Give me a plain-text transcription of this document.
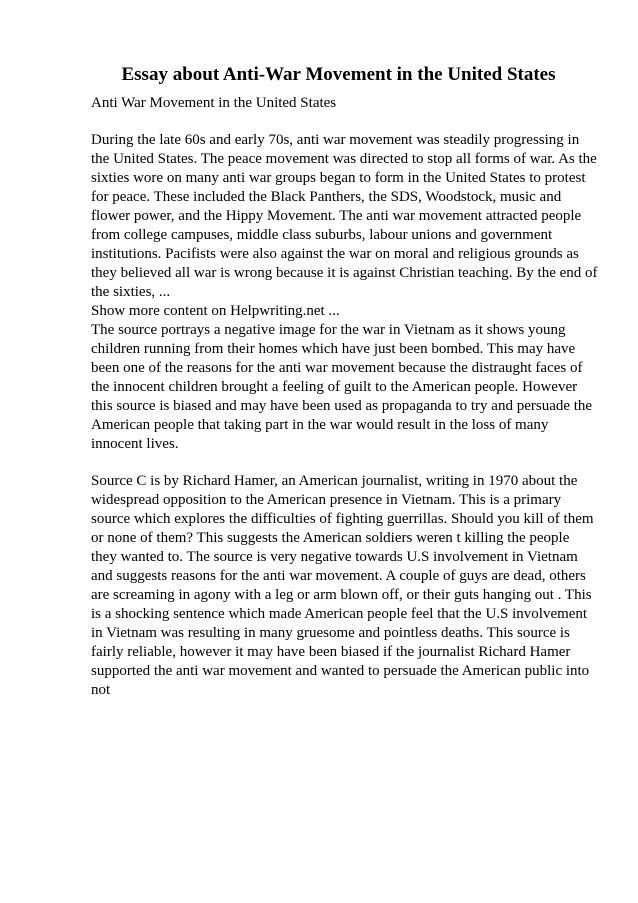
Essay about Anti-War Movement in the United States

Anti War Movement in the United States

During the late 60s and early 70s, anti war movement was steadily progressing in the United States. The peace movement was directed to stop all forms of war. As the sixties wore on many anti war groups began to form in the United States to protest for peace. These included the Black Panthers, the SDS, Woodstock, music and flower power, and the Hippy Movement. The anti war movement attracted people from college campuses, middle class suburbs, labour unions and government institutions. Pacifists were also against the war on moral and religious grounds as they believed all war is wrong because it is against Christian teaching. By the end of the sixties, ...

Show more content on Helpwriting.net ...

The source portrays a negative image for the war in Vietnam as it shows young children running from their homes which have just been bombed. This may have been one of the reasons for the anti war movement because the distraught faces of the innocent children brought a feeling of guilt to the American people. However this source is biased and may have been used as propaganda to try and persuade the American people that taking part in the war would result in the loss of many innocent lives.

Source C is by Richard Hamer, an American journalist, writing in 1970 about the widespread opposition to the American presence in Vietnam. This is a primary source which explores the difficulties of fighting guerrillas. Should you kill of them or none of them? This suggests the American soldiers weren t killing the people they wanted to. The source is very negative towards U.S involvement in Vietnam and suggests reasons for the anti war movement. A couple of guys are dead, others are screaming in agony with a leg or arm blown off, or their guts hanging out . This is a shocking sentence which made American people feel that the U.S involvement in Vietnam was resulting in many gruesome and pointless deaths. This source is fairly reliable, however it may have been biased if the journalist Richard Hamer supported the anti war movement and wanted to persuade the American public into not
